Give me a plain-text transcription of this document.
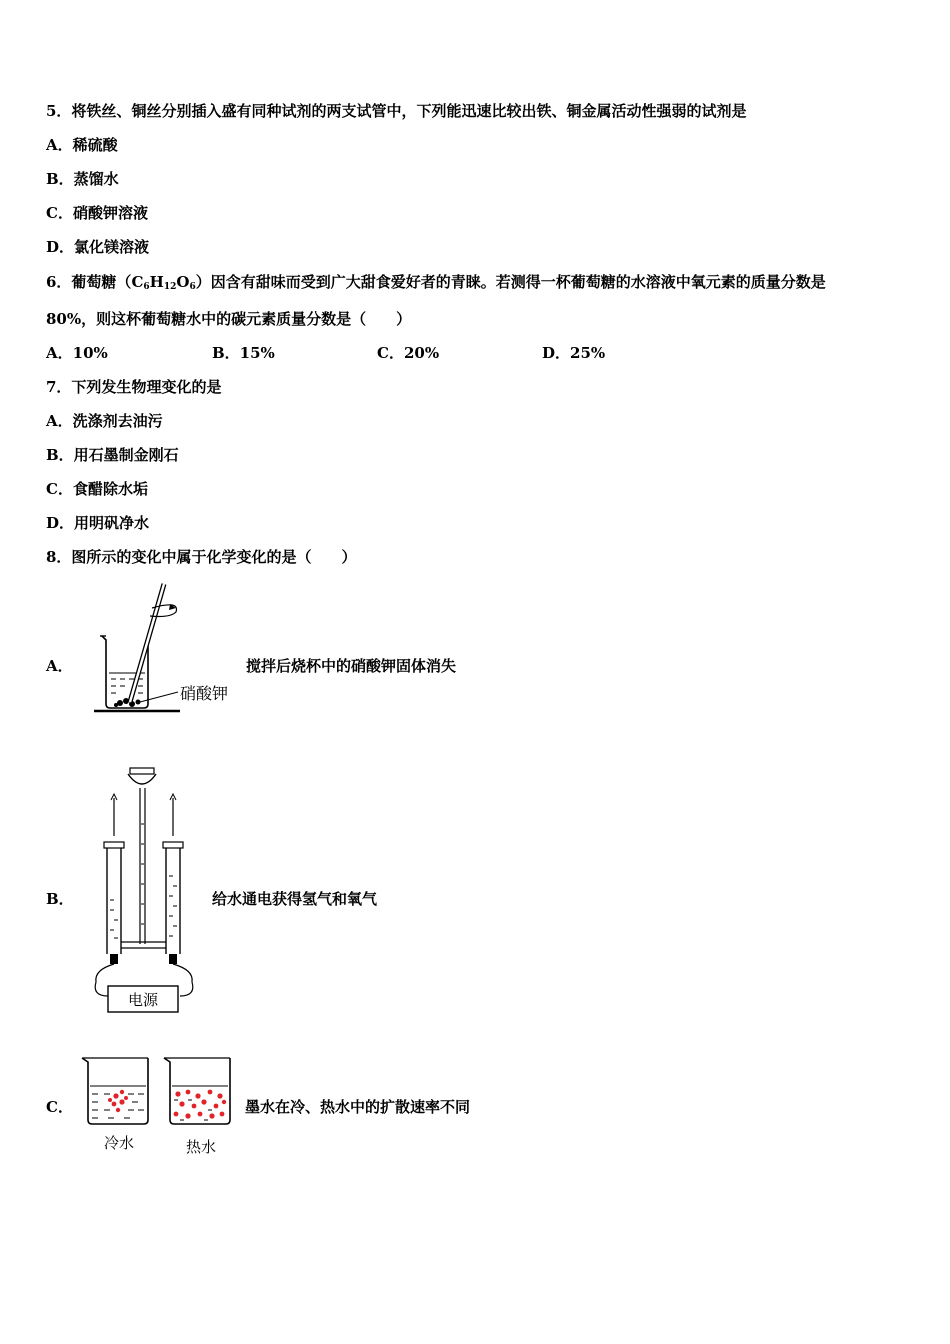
5．将铁丝、铜丝分别插入盛有同种试剂的两支试管中，下列能迅速比较出铁、铜金属活动性强弱的试剂是
A．稀硫酸
B．蒸馏水
C．硝酸钾溶液
D．氯化镁溶液
6．葡萄糖$(C_6H_{12}O_6)$因含有甜味而受到广大甜食爱好者的青睐。若测得一杯葡萄糖的水溶液中氧元素的质量分数是
80%，则这杯葡萄糖水中的碳元素质量分数是（　　）
A．10%	B．15%	C．20%	D．25%
7．下列发生物理变化的是
A．洗涤剂去油污
B．用石墨制金刚石
C．食醋除水垢
D．用明矾净水
8．图所示的变化中属于化学变化的是（　　）
A．
硝酸钾
搅拌后烧杯中的硝酸钾固体消失
B．
电源
给水通电获得氢气和氧气
C．
冷水	热水
墨水在冷、热水中的扩散速率不同
